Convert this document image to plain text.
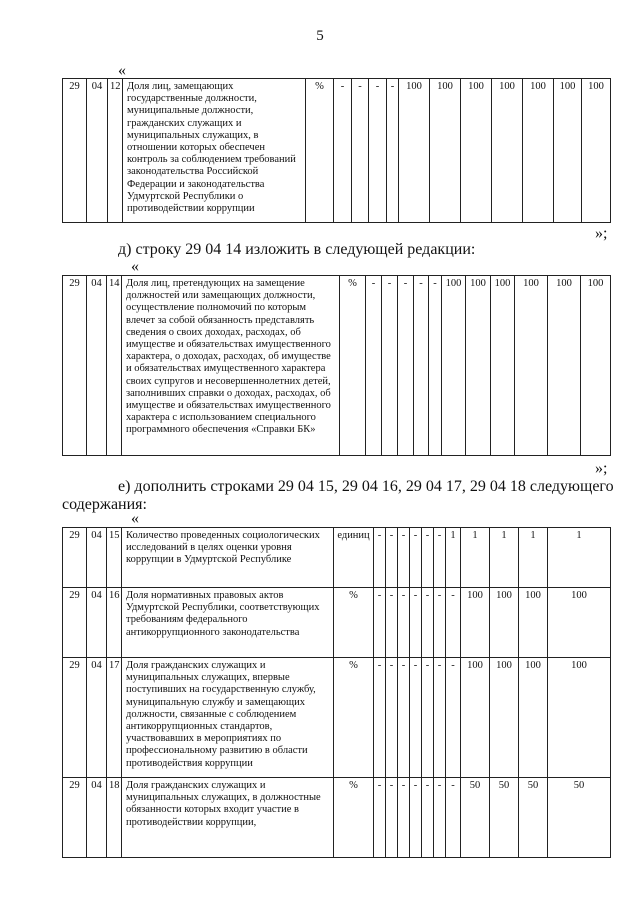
5
«
29	04	12	Доля лиц, замещающих государственные должности, муниципальные должности, гражданских служащих и муниципальных служащих, в отношении которых обеспечен контроль за соблюдением требований законодательства Российской Федерации и законодательства Удмуртской Республики о противодействии коррупции	%	-	-	-	-	100	100	100	100	100	100	100
»;
д) строку 29 04 14 изложить в следующей редакции:
«
29	04	14	Доля лиц, претендующих на замещение должностей или замещающих должности, осуществление полномочий по которым влечет за собой обязанность представлять сведения о своих доходах, расходах, об имуществе и обязательствах имущественного характера, о доходах, расходах, об имуществе и обязательствах имущественного характера своих супругов и несовершеннолетних детей, заполнивших справки о доходах, расходах, об имуществе и обязательствах имущественного характера с использованием специального программного обеспечения «Справки БК»	%	-	-	-	-	-	100	100	100	100	100	100
»;
е) дополнить строками 29 04 15, 29 04 16, 29 04 17, 29 04 18 следующего
содержания:
«
29	04	15	Количество проведенных социологических исследований в целях оценки уровня коррупции в Удмуртской Республике	единиц	-	-	-	-	-	-	1	1	1	1	1
29	04	16	Доля нормативных правовых актов Удмуртской Республики, соответствующих требованиям федерального антикоррупционного законодательства	%	-	-	-	-	-	-	-	100	100	100	100
29	04	17	Доля гражданских служащих и муниципальных служащих, впервые поступивших на государственную службу, муниципальную службу и замещающих должности, связанные с соблюдением антикоррупционных стандартов, участвовавших в мероприятиях по профессиональному развитию в области противодействия коррупции	%	-	-	-	-	-	-	-	100	100	100	100
29	04	18	Доля гражданских служащих и муниципальных служащих, в должностные обязанности которых входит участие в противодействии коррупции,	%	-	-	-	-	-	-	-	50	50	50	50
